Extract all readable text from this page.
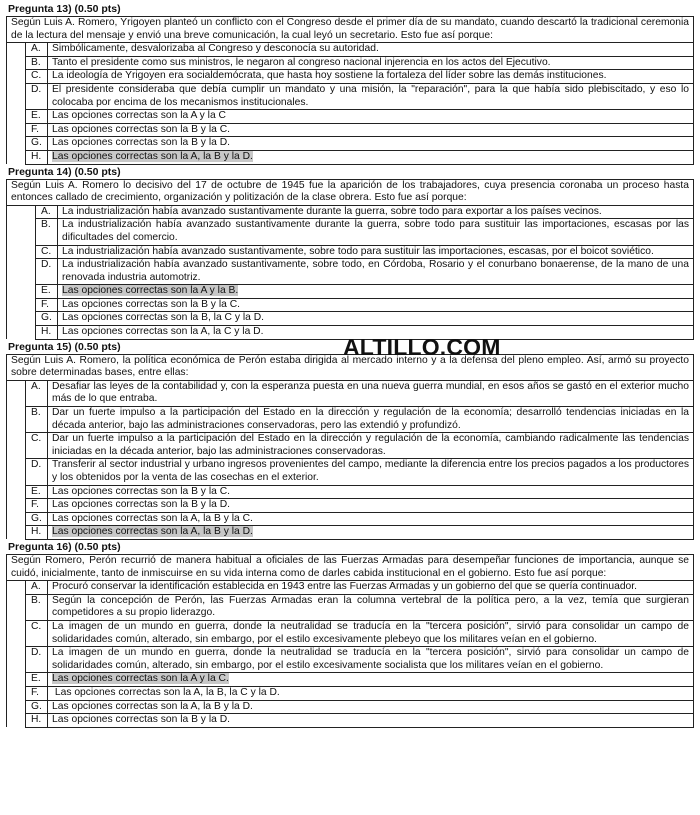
Pregunta 13) (0.50 pts)
Según Luis A. Romero, Yrigoyen planteó un conflicto con el Congreso desde el primer día de su mandato, cuando descartó la tradicional ceremonia de la lectura del mensaje y envió una breve comunicación, la cual leyó un secretario. Esto fue así porque:		
	A.	Simbólicamente, desvalorizaba al Congreso y desconocía su autoridad.
	B.	Tanto el presidente como sus ministros, le negaron al congreso nacional injerencia en los actos del Ejecutivo.
	C.	La ideología de Yrigoyen era socialdemócrata, que hasta hoy sostiene la fortaleza del líder sobre las demás instituciones.
	D.	El presidente consideraba que debía cumplir un mandato y una misión, la "reparación", para la que había sido plebiscitado, y eso lo colocaba por encima de los mecanismos institucionales.
	E.	Las opciones correctas son la A y la C
	F.	Las opciones correctas son la B y la C.
	G.	Las opciones correctas son la B y la D.
	H.	Las opciones correctas son la A, la B y la D.
Pregunta 14) (0.50 pts)
Según Luis A. Romero lo decisivo del 17 de octubre de 1945 fue la aparición de los trabajadores, cuya presencia coronaba un proceso hasta entonces callado de crecimiento, organización y politización de la clase obrera. Esto fue así porque:		
	A.	La industrialización había avanzado sustantivamente durante la guerra, sobre todo para exportar a los países vecinos.
	B.	La industrialización había avanzado sustantivamente durante la guerra, sobre todo para sustituir las importaciones, escasas por las dificultades del comercio.
	C.	La industrialización había avanzado sustantivamente, sobre todo para sustituir las importaciones, escasas, por el boicot soviético.
	D.	La industrialización había avanzado sustantivamente, sobre todo, en Córdoba, Rosario y el conurbano bonaerense, de la mano de una renovada industria automotriz.
	E.	Las opciones correctas son la A y la B.
	F.	Las opciones correctas son la B y la C.
	G.	Las opciones correctas son la B, la C y la D.
	H.	Las opciones correctas son la A, la C y la D.
Pregunta 15) (0.50 pts)
Según Luis A. Romero, la política económica de Perón estaba dirigida al mercado interno y a la defensa del pleno empleo. Así, armó su proyecto sobre determinadas bases, entre ellas:		
	A.	Desafiar las leyes de la contabilidad y, con la esperanza puesta en una nueva guerra mundial, en esos años se gastó en el exterior mucho más de lo que entraba.
	B.	Dar un fuerte impulso a la participación del Estado en la dirección y regulación de la economía; desarrolló tendencias iniciadas en la década anterior, bajo las administraciones conservadoras, pero las extendió y profundizó.
	C.	Dar un fuerte impulso a la participación del Estado en la dirección y regulación de la economía, cambiando radicalmente las tendencias iniciadas en la década anterior, bajo las administraciones conservadoras.
	D.	Transferir al sector industrial y urbano ingresos provenientes del campo, mediante la diferencia entre los precios pagados a los productores y los obtenidos por la venta de las cosechas en el exterior.
	E.	Las opciones correctas son la B y la C.
	F.	Las opciones correctas son la B y la D.
	G.	Las opciones correctas son la A, la B y la C.
	H.	Las opciones correctas son la A, la B y la D.
Pregunta 16) (0.50 pts)
Según Romero, Perón recurrió de manera habitual a oficiales de las Fuerzas Armadas para desempeñar funciones de importancia, aunque se cuidó, inicialmente, tanto de inmiscuirse en su vida interna como de darles cabida institucional en el gobierno. Esto fue así porque:		
	A.	Procuró conservar la identificación establecida en 1943 entre las Fuerzas Armadas y un gobierno del que se quería continuador.
	B.	Según la concepción de Perón, las Fuerzas Armadas eran la columna vertebral de la política pero, a la vez, temía que surgieran competidores a su propio liderazgo.
	C.	La imagen de un mundo en guerra, donde la neutralidad se traducía en la "tercera posición", sirvió para consolidar un campo de solidaridades común, alterado, sin embargo, por el estilo excesivamente plebeyo que los militares veían en el gobierno.
	D.	La imagen de un mundo en guerra, donde la neutralidad se traducía en la "tercera posición", sirvió para consolidar un campo de solidaridades común, alterado, sin embargo, por el estilo excesivamente socialista que los militares veían en el gobierno.
	E.	Las opciones correctas son la A y la C.
	F.	Las opciones correctas son la A, la B, la C y la D.
	G.	Las opciones correctas son la A, la B y la D.
	H.	Las opciones correctas son la B y la D.
ALTILLO.COM
